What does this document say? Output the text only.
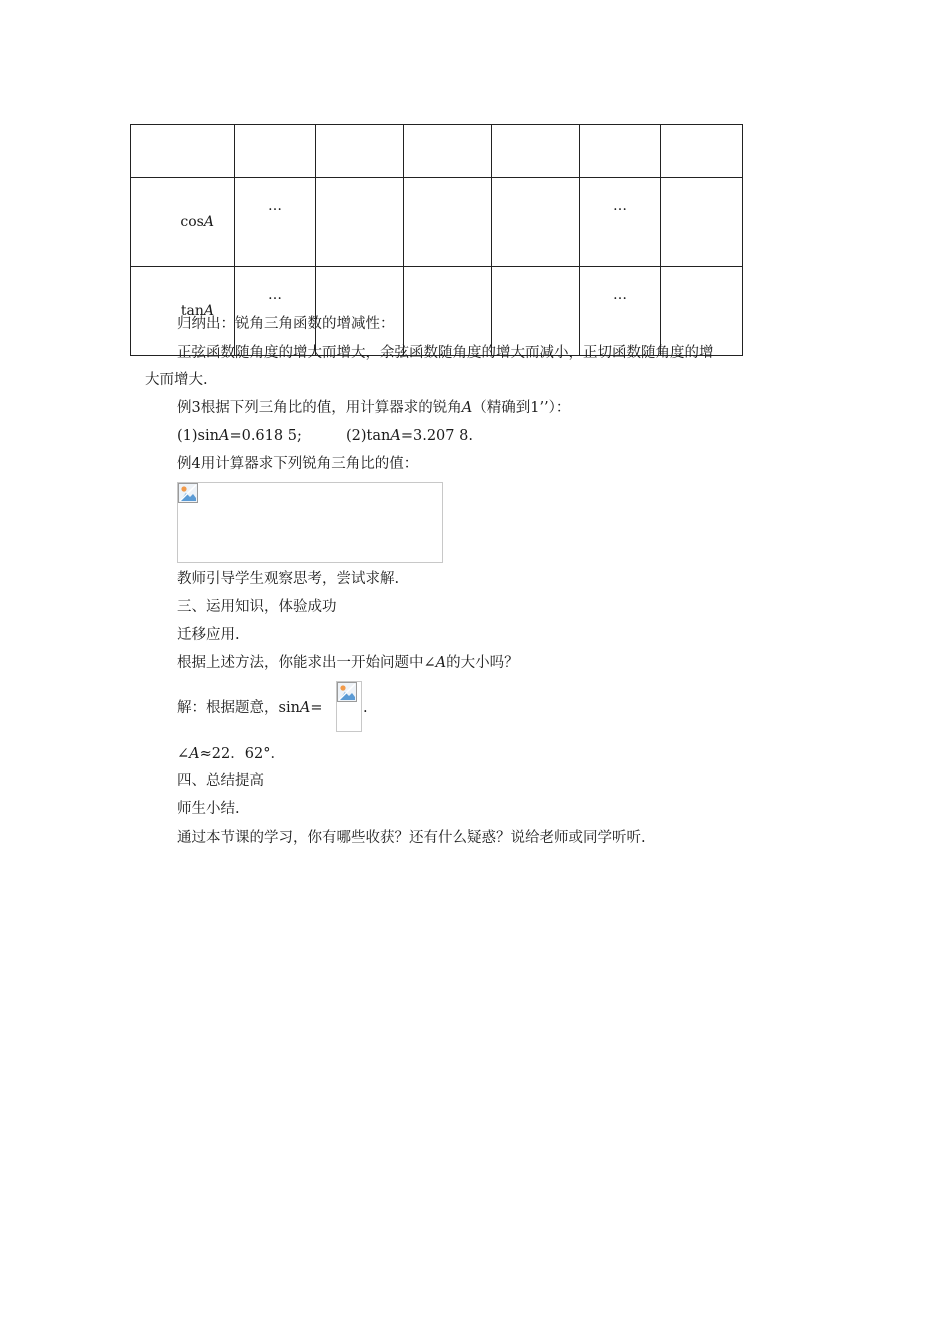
cosA	…				…	
tanA	…				…	
归纳出：锐角三角函数的增减性：
正弦函数随角度的增大而增大，余弦函数随角度的增大而减小，正切函数随角度的增
大而增大.
例3根据下列三角比的值，用计算器求的锐角A（精确到1’’）：
(1)sinA=0.618 5;	(2)tanA=3.207 8.
例4用计算器求下列锐角三角比的值：
教师引导学生观察思考，尝试求解.
三、运用知识，体验成功
迁移应用.
根据上述方法，你能求出一开始问题中∠A的大小吗？
解：根据题意，sinA=	.
∠A≈22．62°．
四、总结提高
师生小结.
通过本节课的学习，你有哪些收获？还有什么疑惑？说给老师或同学听听.
